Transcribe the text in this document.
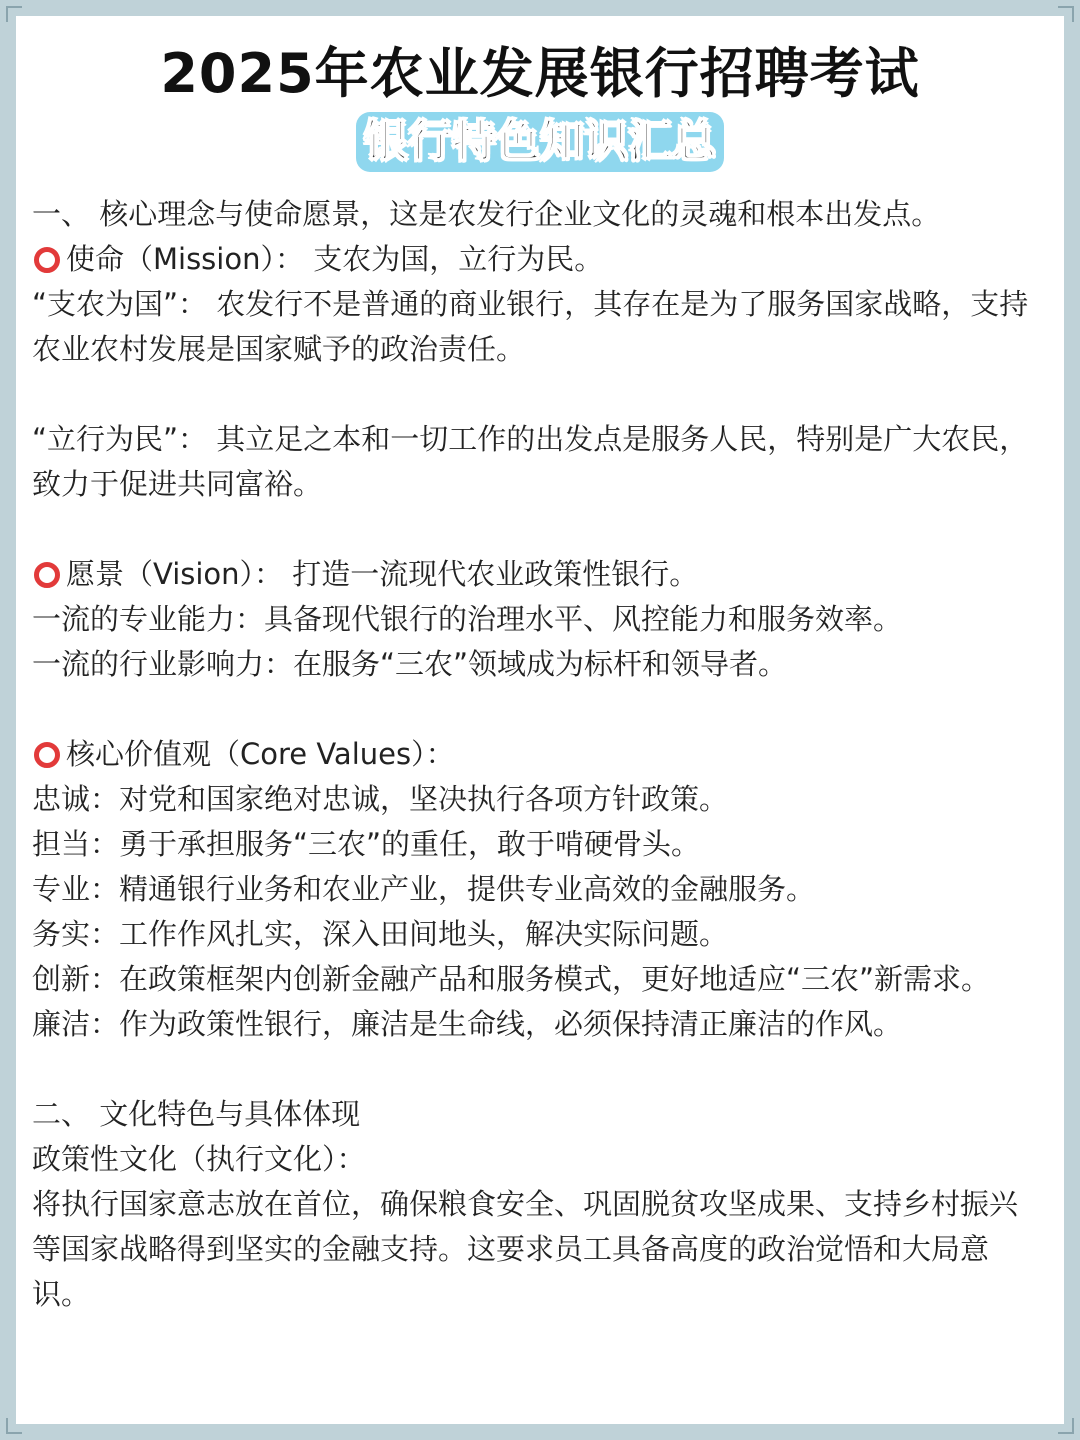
2025年农业发展银行招聘考试
银行特色知识汇总

一、 核心理念与使命愿景，这是农发行企业文化的灵魂和根本出发点。

使命（Mission）： 支农为国，立行为民。

“支农为国”： 农发行不是普通的商业银行，其存在是为了服务国家战略，支持农业农村发展是国家赋予的政治责任。

“立行为民”： 其立足之本和一切工作的出发点是服务人民，特别是广大农民，致力于促进共同富裕。

愿景（Vision）： 打造一流现代农业政策性银行。

一流的专业能力：具备现代银行的治理水平、风控能力和服务效率。

一流的行业影响力：在服务“三农”领域成为标杆和领导者。

核心价值观（Core Values）：

忠诚：对党和国家绝对忠诚，坚决执行各项方针政策。

担当：勇于承担服务“三农”的重任，敢于啃硬骨头。

专业：精通银行业务和农业产业，提供专业高效的金融服务。

务实：工作作风扎实，深入田间地头，解决实际问题。

创新：在政策框架内创新金融产品和服务模式，更好地适应“三农”新需求。

廉洁：作为政策性银行，廉洁是生命线，必须保持清正廉洁的作风。

二、 文化特色与具体体现

政策性文化（执行文化）：

将执行国家意志放在首位，确保粮食安全、巩固脱贫攻坚成果、支持乡村振兴等国家战略得到坚实的金融支持。这要求员工具备高度的政治觉悟和大局意识。
